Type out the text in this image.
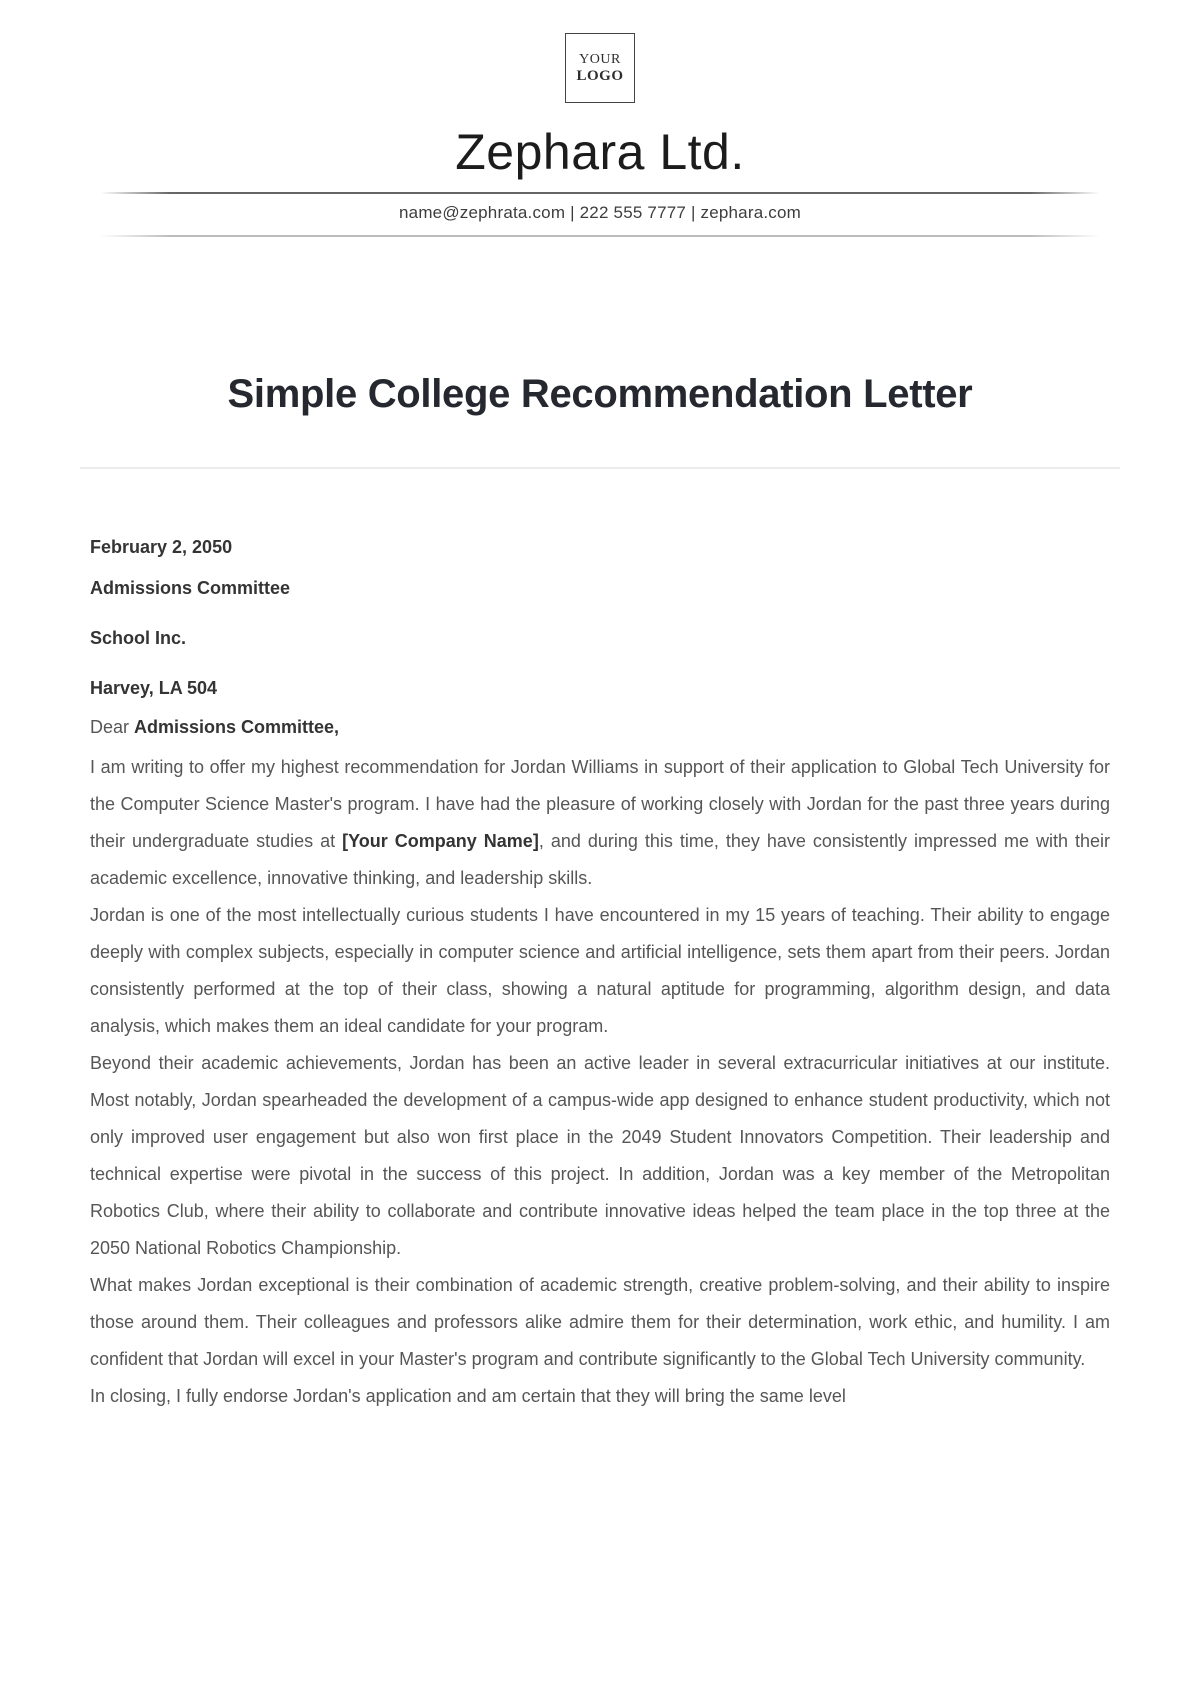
YOUR
LOGO
Zephara Ltd.
name@zephrata.com | 222 555 7777 | zephara.com
Simple College Recommendation Letter
February 2, 2050
Admissions Committee
School Inc.
Harvey, LA 504
Dear Admissions Committee,

I am writing to offer my highest recommendation for Jordan Williams in support of their application to Global Tech University for the Computer Science Master's program. I have had the pleasure of working closely with Jordan for the past three years during their undergraduate studies at [Your Company Name], and during this time, they have consistently impressed me with their academic excellence, innovative thinking, and leadership skills.

Jordan is one of the most intellectually curious students I have encountered in my 15 years of teaching. Their ability to engage deeply with complex subjects, especially in computer science and artificial intelligence, sets them apart from their peers. Jordan consistently performed at the top of their class, showing a natural aptitude for programming, algorithm design, and data analysis, which makes them an ideal candidate for your program.

Beyond their academic achievements, Jordan has been an active leader in several extracurricular initiatives at our institute. Most notably, Jordan spearheaded the development of a campus-wide app designed to enhance student productivity, which not only improved user engagement but also won first place in the 2049 Student Innovators Competition. Their leadership and technical expertise were pivotal in the success of this project. In addition, Jordan was a key member of the Metropolitan Robotics Club, where their ability to collaborate and contribute innovative ideas helped the team place in the top three at the 2050 National Robotics Championship.

What makes Jordan exceptional is their combination of academic strength, creative problem-solving, and their ability to inspire those around them. Their colleagues and professors alike admire them for their determination, work ethic, and humility. I am confident that Jordan will excel in your Master's program and contribute significantly to the Global Tech University community.

In closing, I fully endorse Jordan's application and am certain that they will bring the same level
